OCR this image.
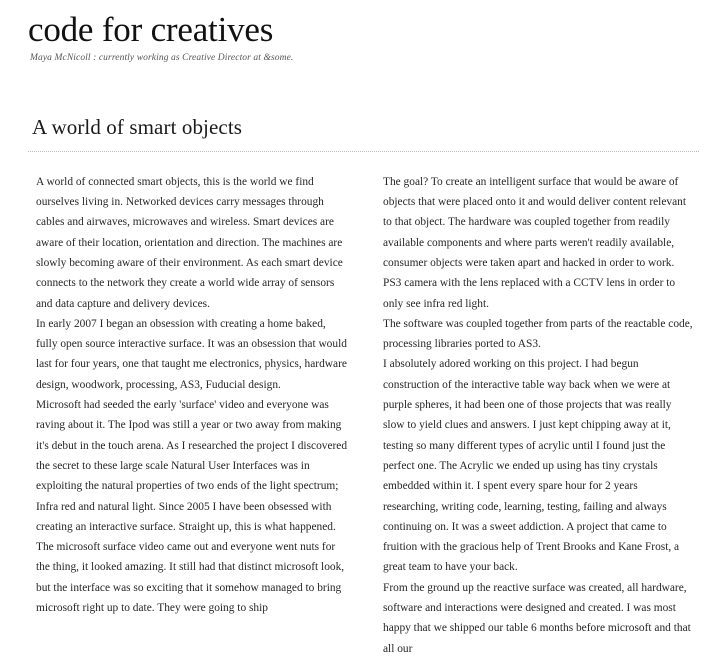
code for creatives
Maya McNicoll : currently working as Creative Director at &some.
A world of smart objects

A world of connected smart objects, this is the world we find ourselves living in. Networked devices carry messages through cables and airwaves, microwaves and wireless. Smart devices are aware of their location, orientation and direction. The machines are slowly becoming aware of their environment. As each smart device connects to the network they create a world wide array of sensors and data capture and delivery devices.

In early 2007 I began an obsession with creating a home baked, fully open source interactive surface. It was an obsession that would last for four years, one that taught me electronics, physics, hardware design, woodwork, processing, AS3, Fuducial design.

Microsoft had seeded the early 'surface' video and everyone was raving about it. The Ipod was still a year or two away from making it's debut in the touch arena. As I researched the project I discovered the secret to these large scale Natural User Interfaces was in exploiting the natural properties of two ends of the light spectrum; Infra red and natural light. Since 2005 I have been obsessed with creating an interactive surface. Straight up, this is what happened. The microsoft surface video came out and everyone went nuts for the thing, it looked amazing. It still had that distinct microsoft look, but the interface was so exciting that it somehow managed to bring microsoft right up to date. They were going to ship

The goal? To create an intelligent surface that would be aware of objects that were placed onto it and would deliver content relevant to that object. The hardware was coupled together from readily available components and where parts weren't readily available, consumer objects were taken apart and hacked in order to work. PS3 camera with the lens replaced with a CCTV lens in order to only see infra red light.

The software was coupled together from parts of the reactable code, processing libraries ported to AS3.

I absolutely adored working on this project. I had begun construction of the interactive table way back when we were at purple spheres, it had been one of those projects that was really slow to yield clues and answers. I just kept chipping away at it, testing so many different types of acrylic until I found just the perfect one. The Acrylic we ended up using has tiny crystals embedded within it. I spent every spare hour for 2 years researching, writing code, learning, testing, failing and always continuing on. It was a sweet addiction. A project that came to fruition with the gracious help of Trent Brooks and Kane Frost, a great team to have your back.

From the ground up the reactive surface was created, all hardware, software and interactions were designed and created. I was most happy that we shipped our table 6 months before microsoft and that all our
